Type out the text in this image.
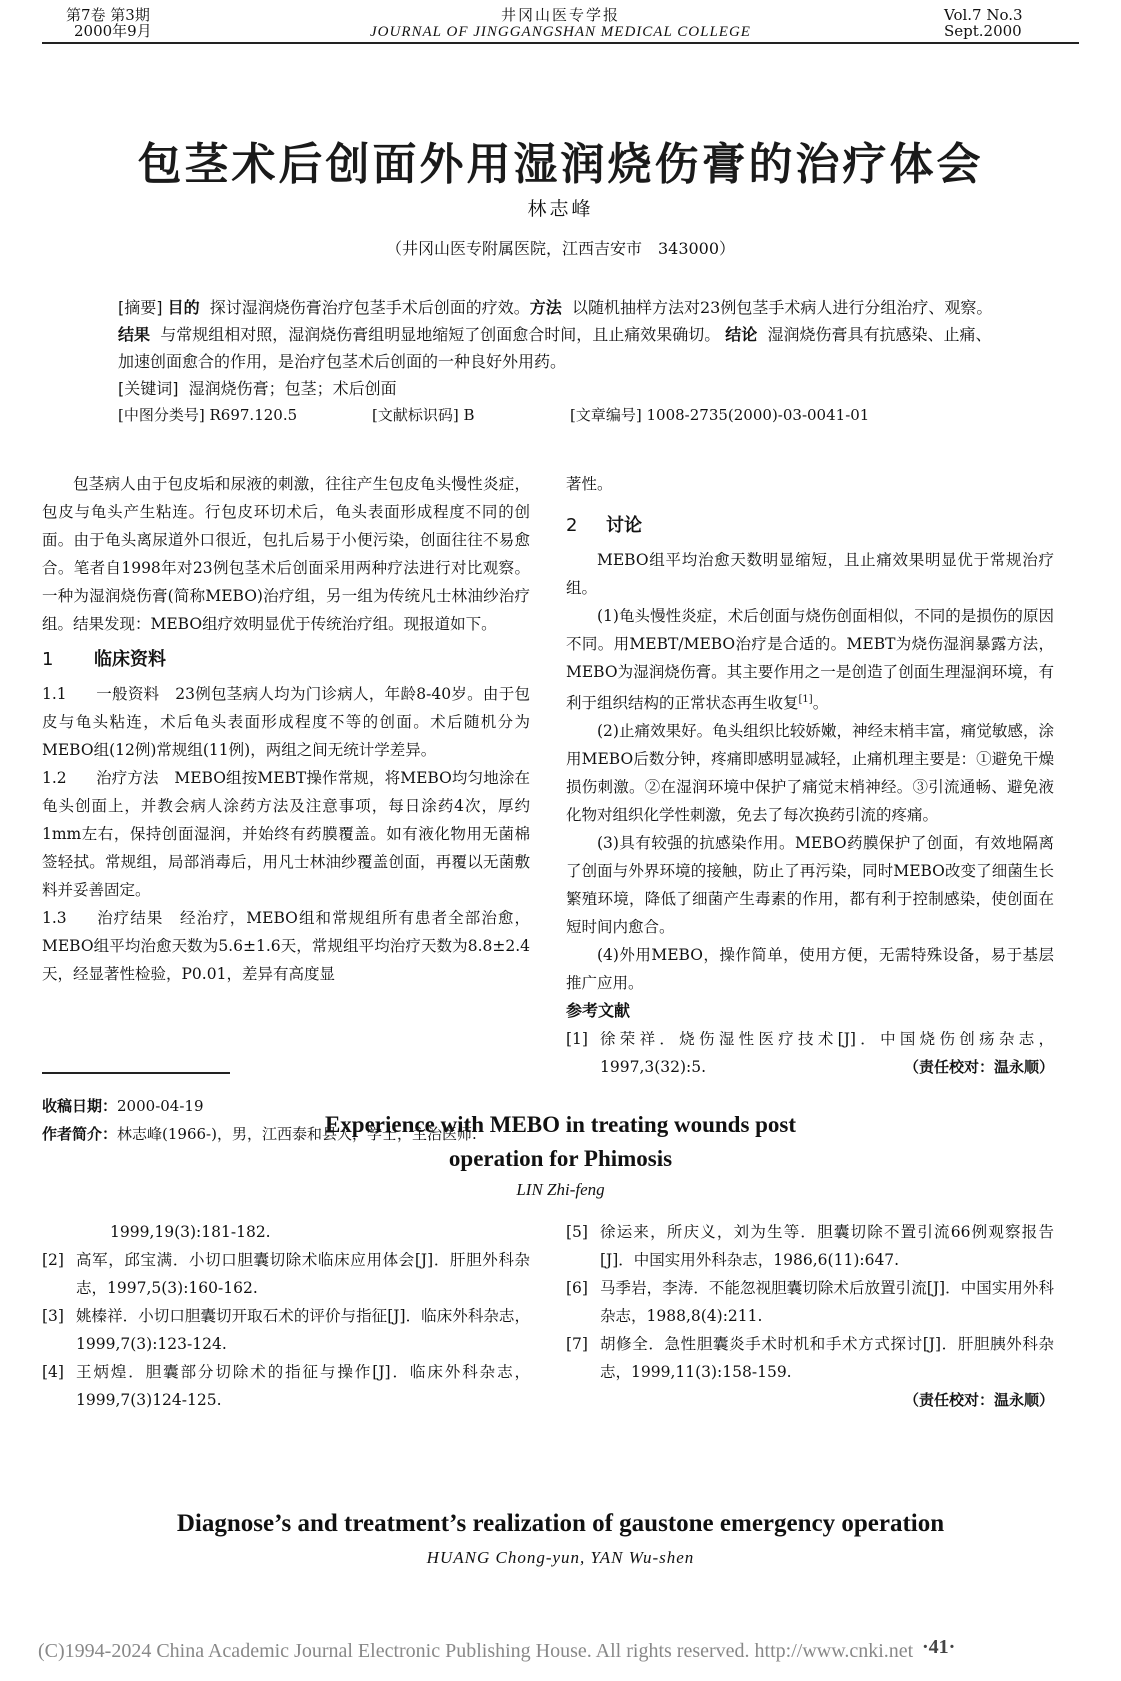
第7卷 第3期
2000年9月
井冈山医专学报
JOURNAL OF JINGGANGSHAN MEDICAL COLLEGE
Vol.7 No.3
Sept.2000
包茎术后创面外用湿润烧伤膏的治疗体会
林志峰
（井冈山医专附属医院，江西吉安市　343000）

[摘要] 目的 探讨湿润烧伤膏治疗包茎手术后创面的疗效。方法 以随机抽样方法对23例包茎手术病人进行分组治疗、观察。 结果 与常规组相对照，湿润烧伤膏组明显地缩短了创面愈合时间，且止痛效果确切。 结论 湿润烧伤膏具有抗感染、止痛、加速创面愈合的作用，是治疗包茎术后创面的一种良好外用药。

[关键词] 湿润烧伤膏；包茎；术后创面

[中图分类号] R697.120.5	[文献标识码] B	[文章编号] 1008-2735(2000)-03-0041-01

包茎病人由于包皮垢和尿液的刺激，往往产生包皮龟头慢性炎症，包皮与龟头产生粘连。行包皮环切术后，龟头表面形成程度不同的创面。由于龟头离尿道外口很近，包扎后易于小便污染，创面往往不易愈合。笔者自1998年对23例包茎术后创面采用两种疗法进行对比观察。一种为湿润烧伤膏(简称MEBO)治疗组，另一组为传统凡士林油纱治疗组。结果发现：MEBO组疗效明显优于传统治疗组。现报道如下。

1 临床资料

1.1 一般资料　23例包茎病人均为门诊病人，年龄8-40岁。由于包皮与龟头粘连，术后龟头表面形成程度不等的创面。术后随机分为MEBO组(12例)常规组(11例)，两组之间无统计学差异。

1.2 治疗方法　MEBO组按MEBT操作常规，将MEBO均匀地涂在龟头创面上，并教会病人涂药方法及注意事项，每日涂药4次，厚约1mm左右，保持创面湿润，并始终有药膜覆盖。如有液化物用无菌棉签轻拭。常规组，局部消毒后，用凡士林油纱覆盖创面，再覆以无菌敷料并妥善固定。

1.3 治疗结果　经治疗，MEBO组和常规组所有患者全部治愈，MEBO组平均治愈天数为5.6±1.6天，常规组平均治疗天数为8.8±2.4天，经显著性检验，P0.01，差异有高度显

收稿日期：2000-04-19
作者简介：林志峰(1966-)，男，江西泰和县人，学士，主治医师.

著性。

2 讨论

MEBO组平均治愈天数明显缩短，且止痛效果明显优于常规治疗组。

(1)龟头慢性炎症，术后创面与烧伤创面相似，不同的是损伤的原因不同。用MEBT/MEBO治疗是合适的。MEBT为烧伤湿润暴露方法，MEBO为湿润烧伤膏。其主要作用之一是创造了创面生理湿润环境，有利于组织结构的正常状态再生收复[1]。

(2)止痛效果好。龟头组织比较娇嫩，神经末梢丰富，痛觉敏感，涂用MEBO后数分钟，疼痛即感明显减轻，止痛机理主要是：①避免干燥损伤刺激。②在湿润环境中保护了痛觉末梢神经。③引流通畅、避免液化物对组织化学性刺激，免去了每次换药引流的疼痛。

(3)具有较强的抗感染作用。MEBO药膜保护了创面，有效地隔离了创面与外界环境的接触，防止了再污染，同时MEBO改变了细菌生长繁殖环境，降低了细菌产生毒素的作用，都有利于控制感染，使创面在短时间内愈合。

(4)外用MEBO，操作简单，使用方便，无需特殊设备，易于基层推广应用。

参考文献
[1] 徐荣祥．烧伤湿性医疗技术[J]．中国烧伤创疡杂志，1997,3(32):5.	（责任校对：温永顺）
Experience with MEBO in treating wounds post
operation for Phimosis
LIN Zhi-feng
1999,19(3):181-182.
[2] 高军，邱宝满．小切口胆囊切除术临床应用体会[J]．肝胆外科杂志，1997,5(3):160-162.
[3] 姚榛祥．小切口胆囊切开取石术的评价与指征[J]．临床外科杂志，1999,7(3):123-124.
[4] 王炳煌．胆囊部分切除术的指征与操作[J]．临床外科杂志，1999,7(3)124-125.
[5] 徐运来，所庆义，刘为生等．胆囊切除不置引流66例观察报告[J]．中国实用外科杂志，1986,6(11):647.
[6] 马季岩，李涛．不能忽视胆囊切除术后放置引流[J]．中国实用外科杂志，1988,8(4):211.
[7] 胡修全．急性胆囊炎手术时机和手术方式探讨[J]．肝胆胰外科杂志，1999,11(3):158-159.
（责任校对：温永顺）
Diagnose’s and treatment’s realization of gaustone emergency operation
HUANG Chong-yun, YAN Wu-shen
(C)1994-2024 China Academic Journal Electronic Publishing House. All rights reserved. http://www.cnki.net ·41·
